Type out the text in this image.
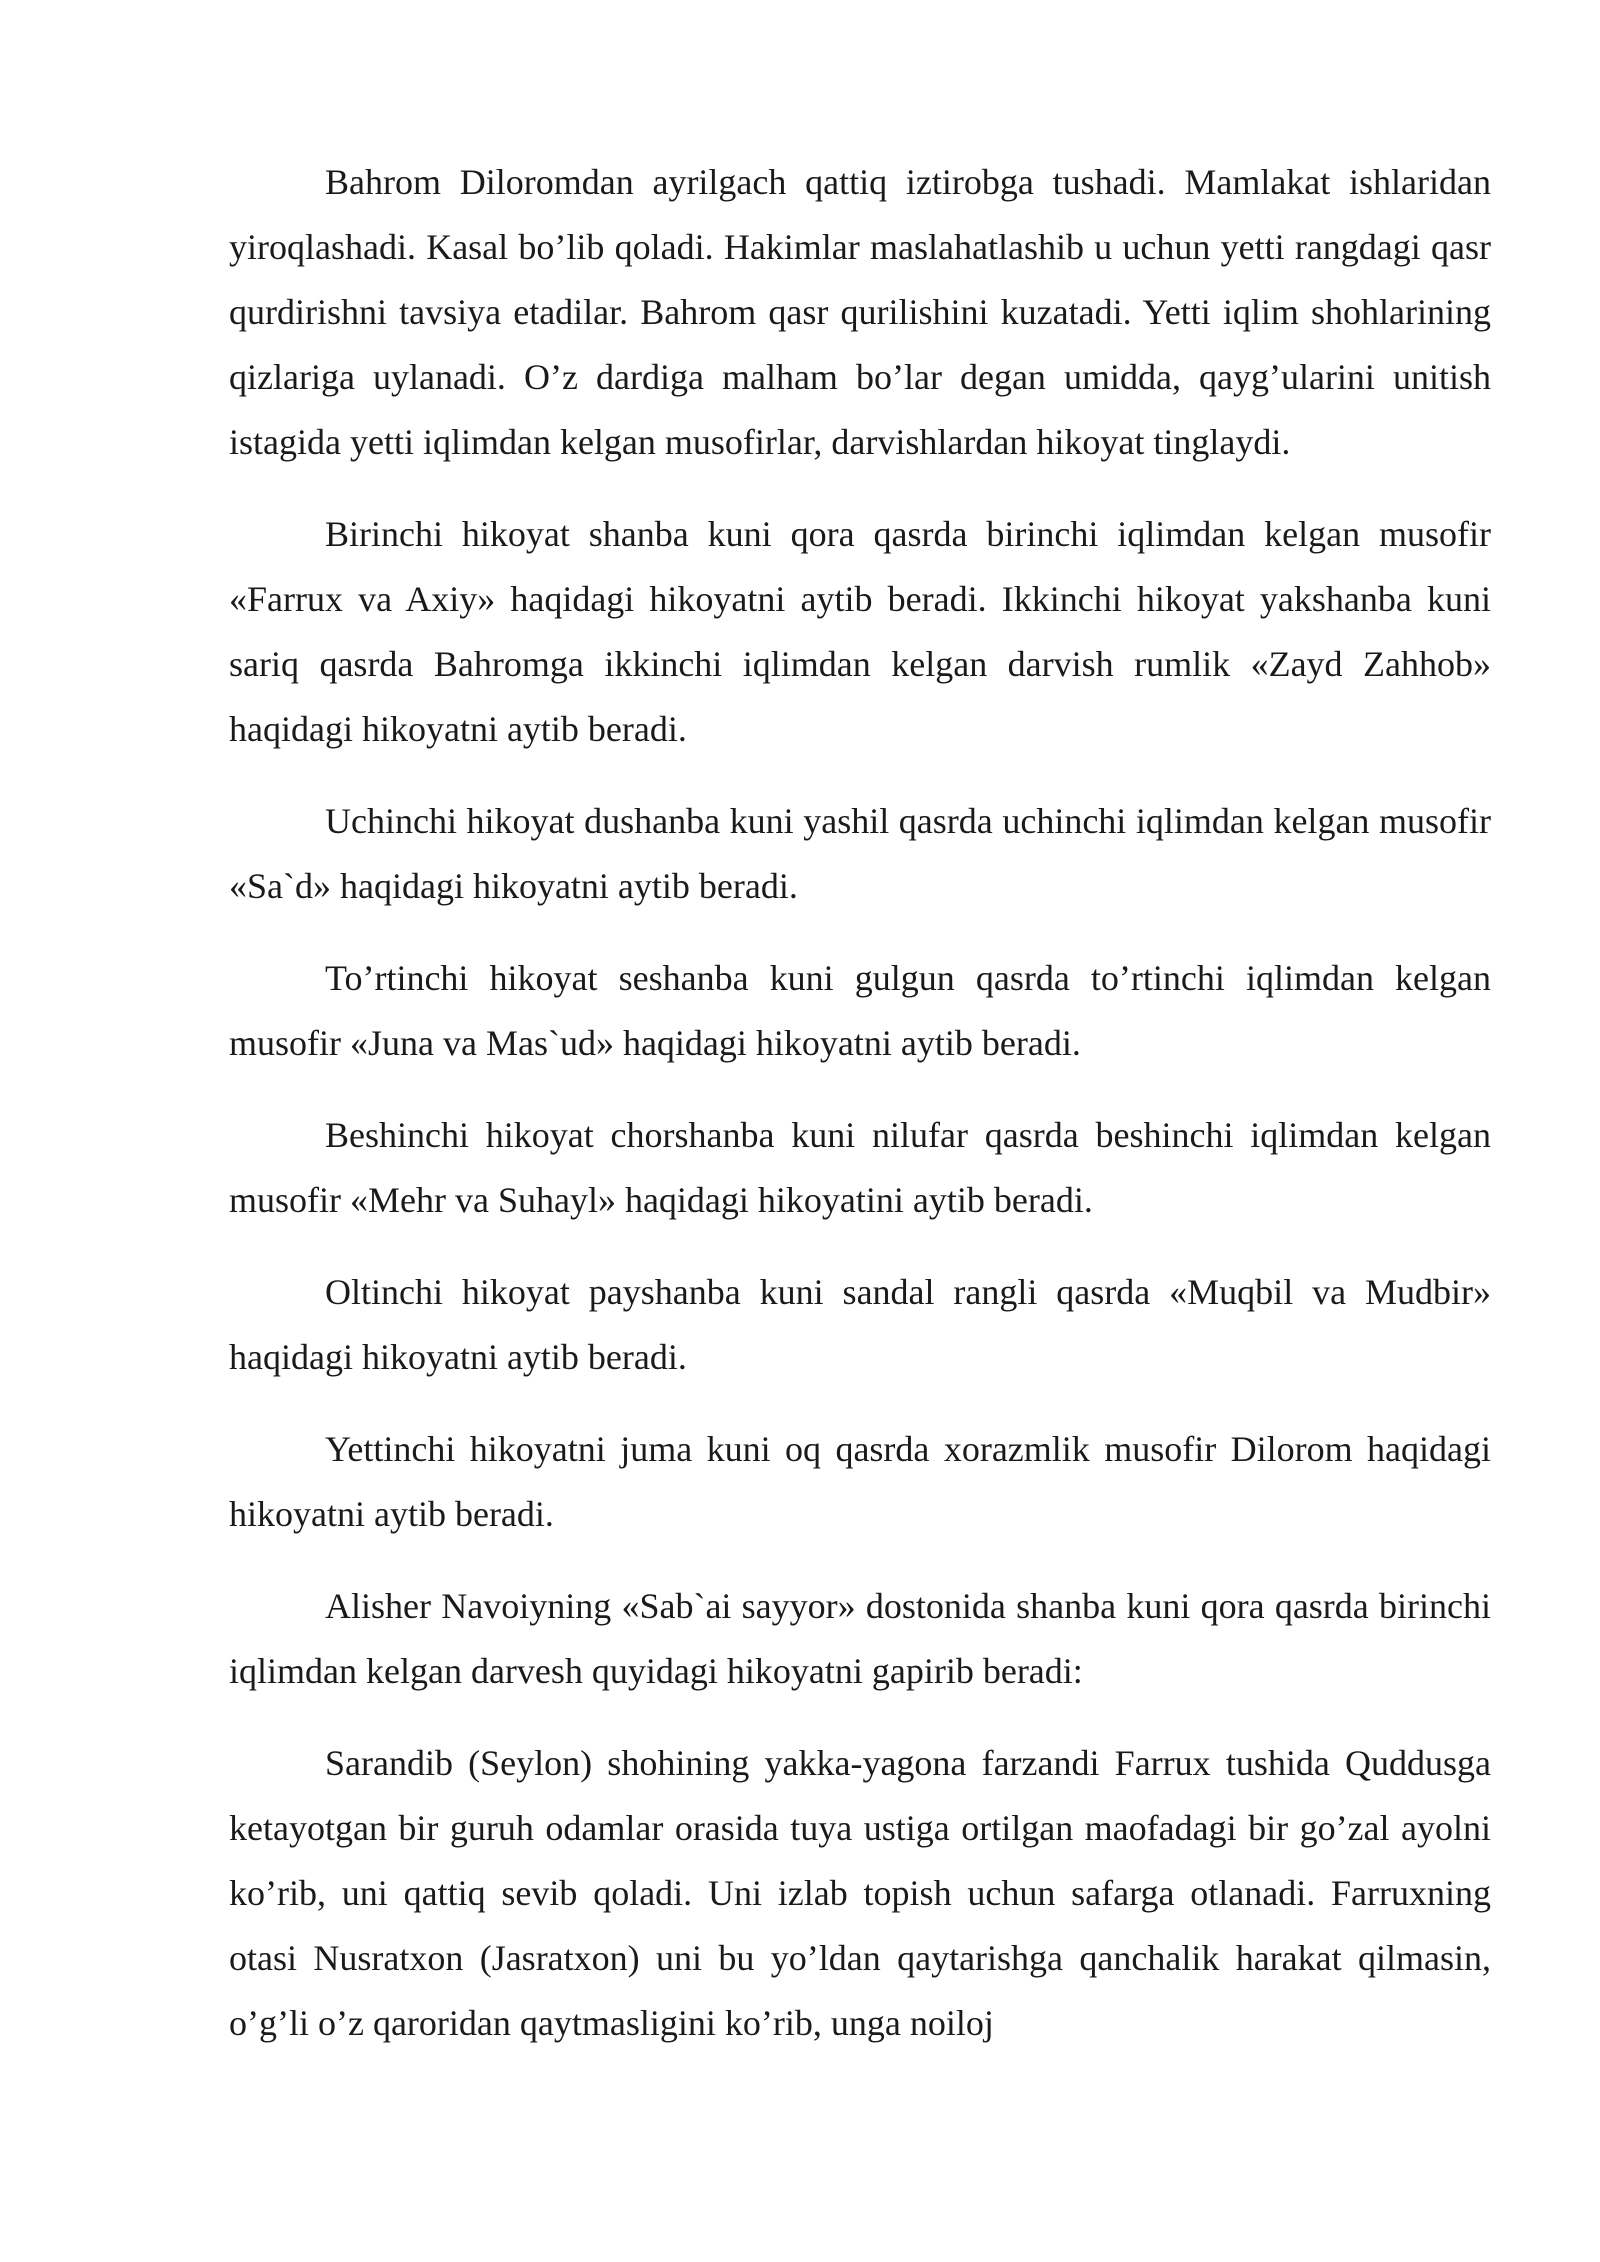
Bahrom Diloromdan ayrilgach qattiq iztirobga tushadi. Mamlakat ishlaridan yiroqlashadi. Kasal bo’lib qoladi. Hakimlar maslahatlashib u uchun yetti rangdagi qasr qurdirishni tavsiya etadilar. Bahrom qasr qurilishini kuzatadi. Yetti iqlim shohlarining qizlariga uylanadi. O’z dardiga malham bo’lar degan umidda, qayg’ularini unitish istagida yetti iqlimdan kelgan musofirlar, darvishlardan hikoyat tinglaydi.

Birinchi hikoyat shanba kuni qora qasrda birinchi iqlimdan kelgan musofir «Farrux va Axiy» haqidagi hikoyatni aytib beradi. Ikkinchi hikoyat yakshanba kuni sariq qasrda Bahromga ikkinchi iqlimdan kelgan darvish rumlik «Zayd Zahhob» haqidagi hikoyatni aytib beradi.

Uchinchi hikoyat dushanba kuni yashil qasrda uchinchi iqlimdan kelgan musofir «Sa`d» haqidagi hikoyatni aytib beradi.

To’rtinchi hikoyat seshanba kuni gulgun qasrda to’rtinchi iqlimdan kelgan musofir «Juna va Mas`ud» haqidagi hikoyatni aytib beradi.

Beshinchi hikoyat chorshanba kuni nilufar qasrda beshinchi iqlimdan kelgan musofir «Mehr va Suhayl» haqidagi hikoyatini aytib beradi.

Oltinchi hikoyat payshanba kuni sandal rangli qasrda «Muqbil va Mudbir» haqidagi hikoyatni aytib beradi.

Yettinchi hikoyatni juma kuni oq qasrda xorazmlik musofir Dilorom haqidagi hikoyatni aytib beradi.

Alisher Navoiyning «Sab`ai sayyor» dostonida shanba kuni qora qasrda birinchi iqlimdan kelgan darvesh quyidagi hikoyatni gapirib beradi:

Sarandib (Seylon) shohining yakka-yagona farzandi Farrux tushida Quddusga ketayotgan bir guruh odamlar orasida tuya ustiga ortilgan maofadagi bir go’zal ayolni ko’rib, uni qattiq sevib qoladi. Uni izlab topish uchun safarga otlanadi. Farruxning otasi Nusratxon (Jasratxon) uni bu yo’ldan qaytarishga qanchalik harakat qilmasin, o’g’li o’z qaroridan qaytmasligini ko’rib, unga noiloj
